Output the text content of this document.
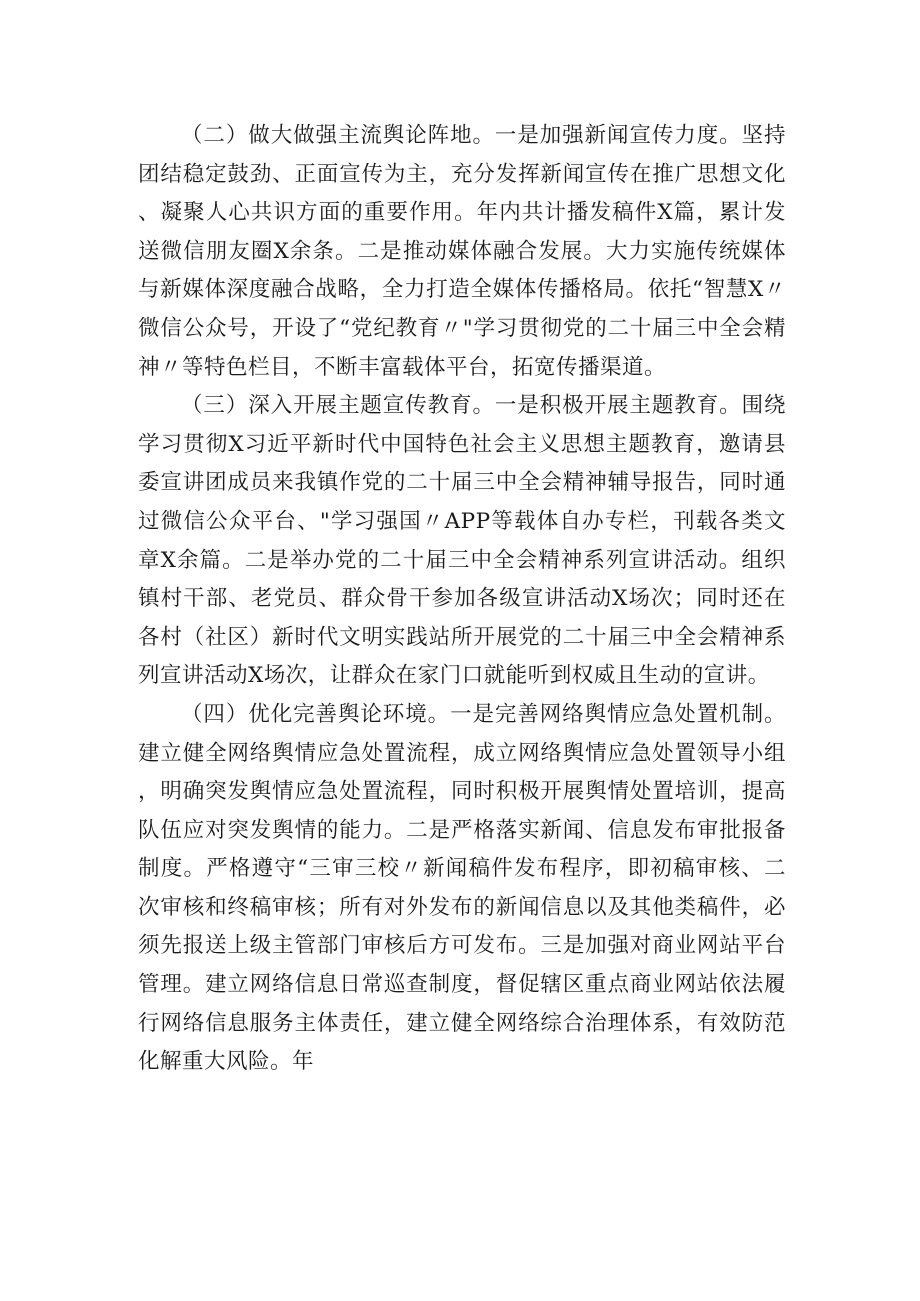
（二）做大做强主流舆论阵地。一是加强新闻宣传力度。坚持团结稳定鼓劲、正面宣传为主，充分发挥新闻宣传在推广思想文化、凝聚人心共识方面的重要作用。年内共计播发稿件X篇，累计发送微信朋友圈X余条。二是推动媒体融合发展。大力实施传统媒体与新媒体深度融合战略，全力打造全媒体传播格局。依托“智慧X〃微信公众号，开设了“党纪教育〃"学习贯彻党的二十届三中全会精神〃等特色栏目，不断丰富载体平台，拓宽传播渠道。

（三）深入开展主题宣传教育。一是积极开展主题教育。围绕学习贯彻X习近平新时代中国特色社会主义思想主题教育，邀请县委宣讲团成员来我镇作党的二十届三中全会精神辅导报告，同时通过微信公众平台、"学习强国〃APP等载体自办专栏，刊载各类文章X余篇。二是举办党的二十届三中全会精神系列宣讲活动。组织镇村干部、老党员、群众骨干参加各级宣讲活动X场次；同时还在各村（社区）新时代文明实践站所开展党的二十届三中全会精神系列宣讲活动X场次，让群众在家门口就能听到权威且生动的宣讲。

（四）优化完善舆论环境。一是完善网络舆情应急处置机制。建立健全网络舆情应急处置流程，成立网络舆情应急处置领导小组，明确突发舆情应急处置流程，同时积极开展舆情处置培训，提高队伍应对突发舆情的能力。二是严格落实新闻、信息发布审批报备制度。严格遵守“三审三校〃新闻稿件发布程序，即初稿审核、二次审核和终稿审核；所有对外发布的新闻信息以及其他类稿件，必须先报送上级主管部门审核后方可发布。三是加强对商业网站平台管理。建立网络信息日常巡查制度，督促辖区重点商业网站依法履行网络信息服务主体责任，建立健全网络综合治理体系，有效防范化解重大风险。年
